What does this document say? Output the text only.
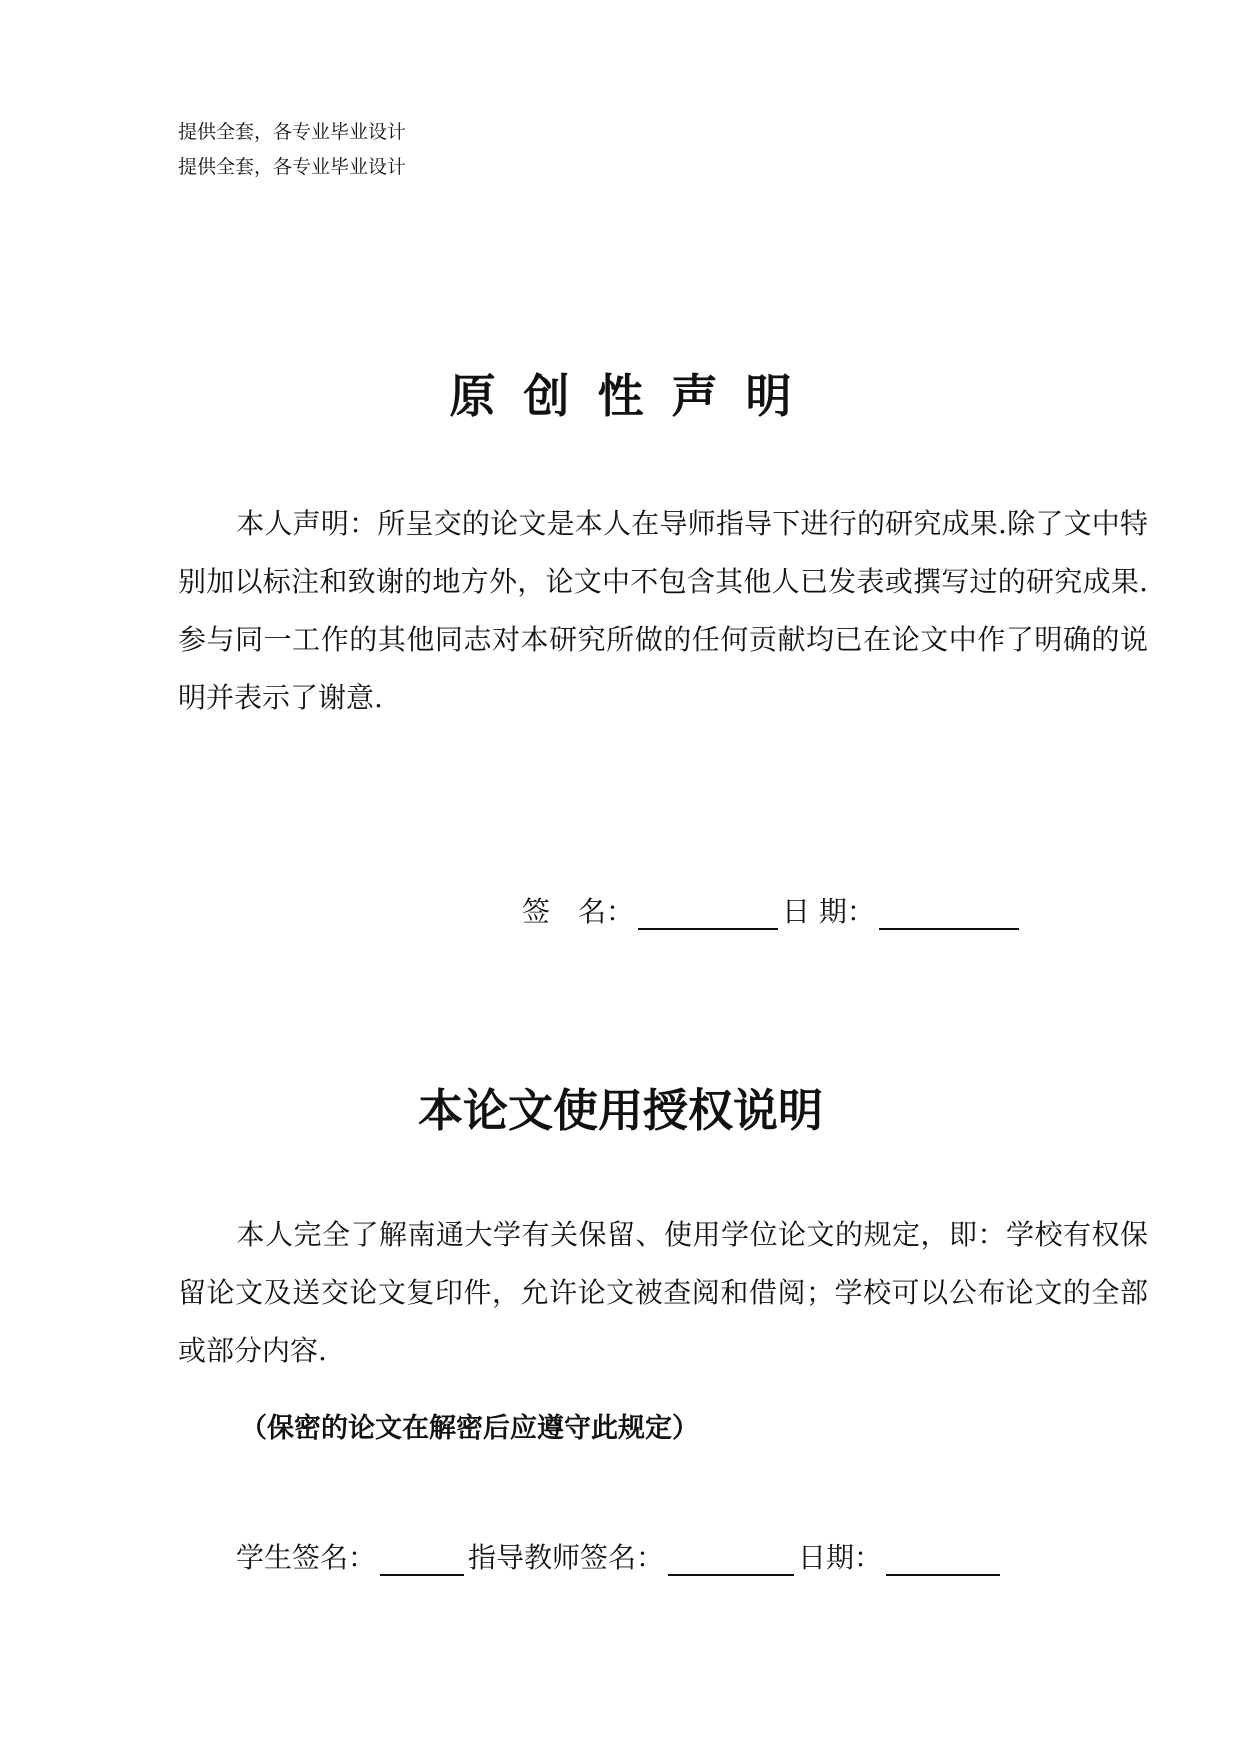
提供全套，各专业毕业设计
提供全套，各专业毕业设计
原创性声明

本人声明：所呈交的论文是本人在导师指导下进行的研究成果.除了文中特别加以标注和致谢的地方外，论文中不包含其他人已发表或撰写过的研究成果.参与同一工作的其他同志对本研究所做的任何贡献均已在论文中作了明确的说明并表示了谢意.

签　名：	日 期：
本论文使用授权说明

本人完全了解南通大学有关保留、使用学位论文的规定，即：学校有权保留论文及送交论文复印件，允许论文被查阅和借阅；学校可以公布论文的全部或部分内容.

（保密的论文在解密后应遵守此规定）
学生签名：	指导教师签名：	日期：
